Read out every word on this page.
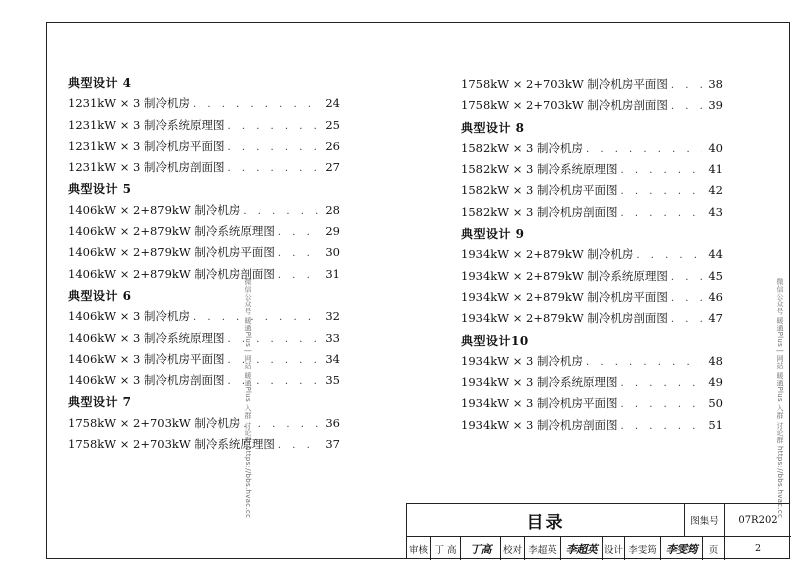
典型设计 4
1231kW × 3 制冷机房 . . .	24
1231kW × 3 制冷系统原理图 . . .	25
1231kW × 3 制冷机房平面图 . . .	26
1231kW × 3 制冷机房剖面图 . . .	27
典型设计 5
1406kW × 2+879kW 制冷机房 . . .	28
1406kW × 2+879kW 制冷系统原理图 . . .	29
1406kW × 2+879kW 制冷机房平面图 . . .	30
1406kW × 2+879kW 制冷机房剖面图 . . .	31
典型设计 6
1406kW × 3 制冷机房 . . .	32
1406kW × 3 制冷系统原理图 . . .	33
1406kW × 3 制冷机房平面图 . . .	34
1406kW × 3 制冷机房剖面图 . . .	35
典型设计 7
1758kW × 2+703kW 制冷机房 . . .	36
1758kW × 2+703kW 制冷系统原理图 . . .	37
1758kW × 2+703kW 制冷机房平面图 . . .	38
1758kW × 2+703kW 制冷机房剖面图 . . .	39
典型设计 8
1582kW × 3 制冷机房 . . .	40
1582kW × 3 制冷系统原理图 . . .	41
1582kW × 3 制冷机房平面图 . . .	42
1582kW × 3 制冷机房剖面图 . . .	43
典型设计 9
1934kW × 2+879kW 制冷机房 . . .	44
1934kW × 2+879kW 制冷系统原理图 . . .	45
1934kW × 2+879kW 制冷机房平面图 . . .	46
1934kW × 2+879kW 制冷机房剖面图 . . .	47
典型设计10
1934kW × 3 制冷机房 . . .	48
1934kW × 3 制冷系统原理图 . . .	49
1934kW × 3 制冷机房平面图 . . .	50
1934kW × 3 制冷机房剖面图 . . .	51
微信公众号 暖通Plus | 网站 暖通Plus 入群 讨论群 https://bbs.hvac.cc	微信公众号 暖通Plus | 网站 暖通Plus 入群 讨论群 https://bbs.hvac.cc
目录	图集号	07R202
审核 丁 高	丁高	校对 李超英 李超英 设计 李雯筠 李雯筠	页	2
